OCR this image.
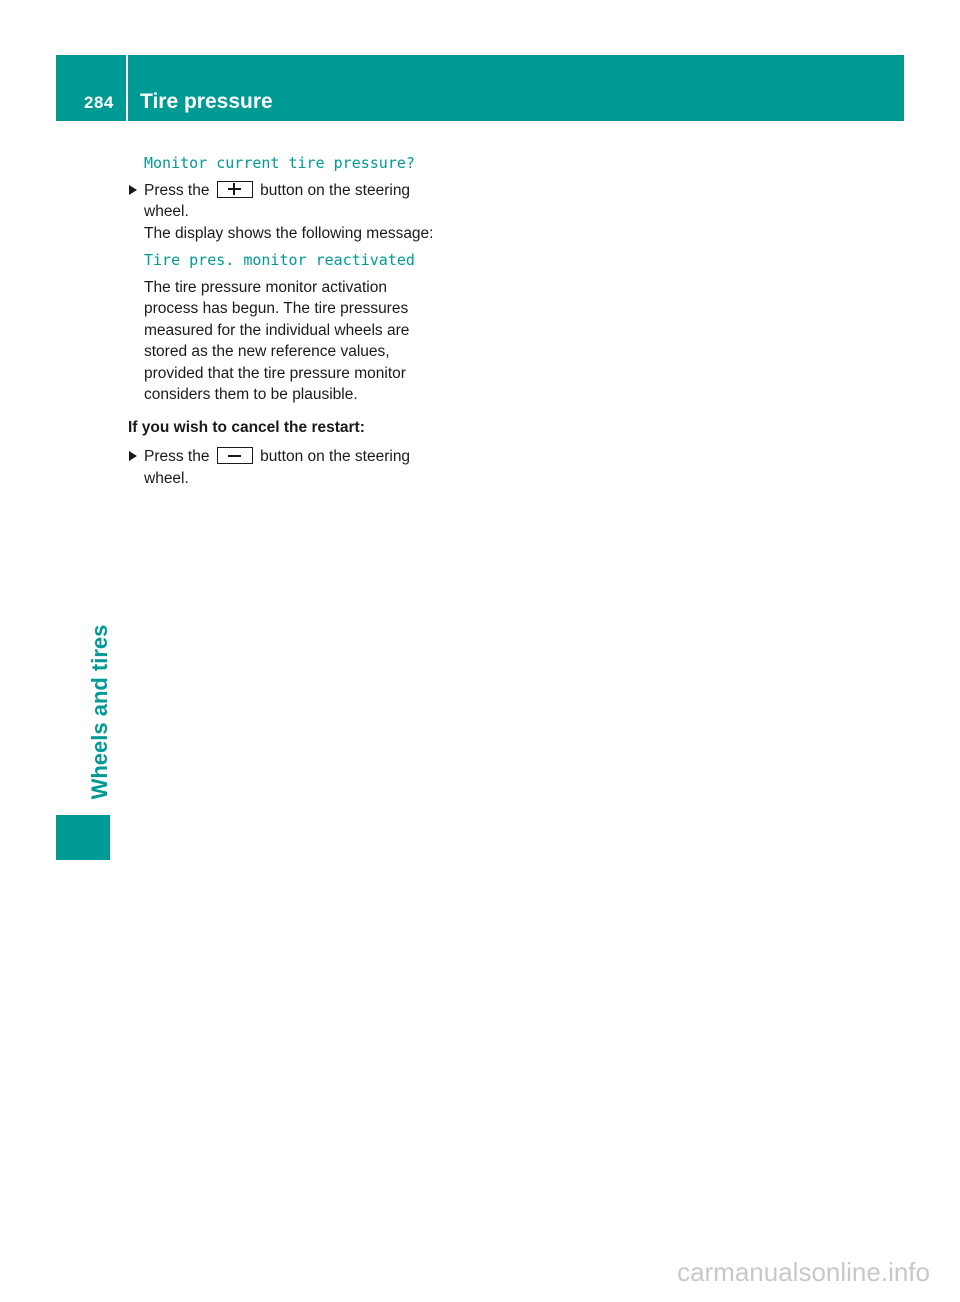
284	Tire pressure
Wheels and tires
Monitor current tire pressure?
Press the	button on the steering
wheel.
The display shows the following message:
Tire pres. monitor reactivated
The tire pressure monitor activation
process has begun. The tire pressures
measured for the individual wheels are
stored as the new reference values,
provided that the tire pressure monitor
considers them to be plausible.
If you wish to cancel the restart:
Press the	button on the steering
wheel.
carmanualsonline.info
